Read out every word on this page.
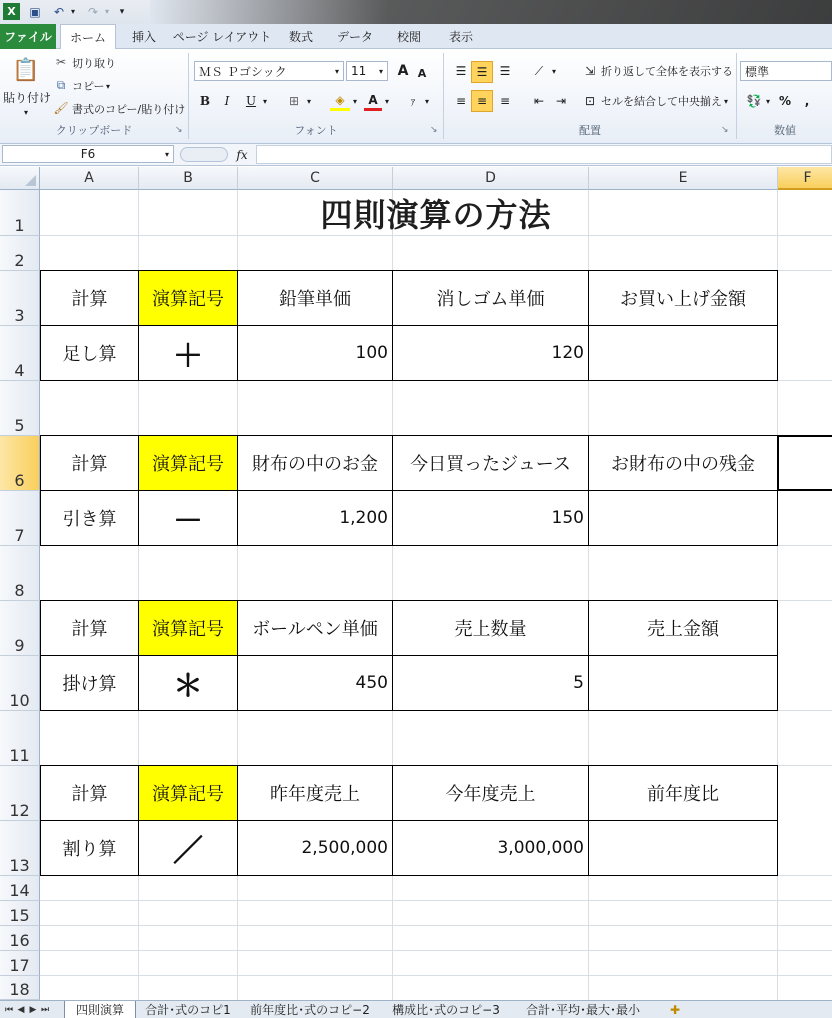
X	▣	↶ ▾	↷ ▾	▾
ファイル	ホーム	挿入	ページ レイアウト	数式	データ	校閲	表示
📋
貼り付け
▾
✂ 切り取り
⧉ コピー ▾
🖌 書式のコピー/貼り付け
クリップボード	↘
ＭＳ Ｐゴシック	▾	11	▾ A A
B	I	U ▾	⊞ ▾	◈	▾ A ▾	ｧ	▾
フォント	↘
☰ ☰	☰	⟋	▾	⇲ 折り返して全体を表示する
≡ ≡	≡	⇤ ⇥	⊡ セルを結合して中央揃え ▾
配置	↘
標準
💱 ▾ %	,
数値
F6	▾	fx
A	B	C	D	E	F
1
2
3
4
5
6
7
8
9
10
11
12
13
14
15
16
17
18
四則演算の方法
計算	演算記号	鉛筆単価	消しゴム単価	お買い上げ金額
足し算	＋	100	120
計算	演算記号	財布の中のお金	今日買ったジュース	お財布の中の残金
引き算	－	1,200	150
計算	演算記号	ボールペン単価	売上数量	売上金額
掛け算	＊	450	5
計算	演算記号	昨年度売上	今年度売上	前年度比
割り算	／	2,500,000	3,000,000
⏮ ◀ ▶ ⏭	四則演算	合計･式のコピ1	前年度比･式のコピ−2	構成比･式のコピ−3	合計･平均･最大･最小	✚
